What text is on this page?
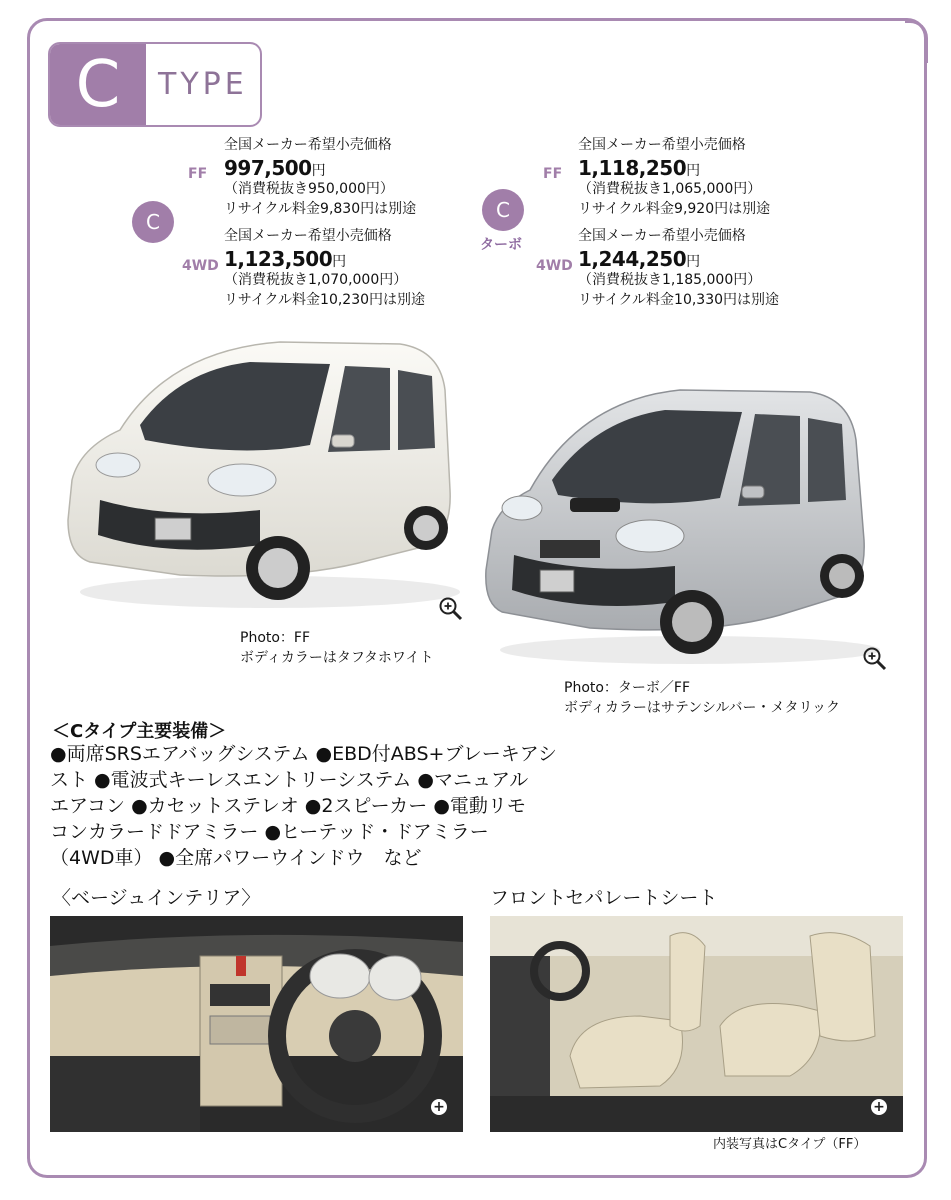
C	TYPE
C
FF
全国メーカー希望小売価格
997,500円
（消費税抜き950,000円）
リサイクル料金9,830円は別途
4WD
全国メーカー希望小売価格
1,123,500円
（消費税抜き1,070,000円）
リサイクル料金10,230円は別途
C
ターボ
FF
全国メーカー希望小売価格
1,118,250円
（消費税抜き1,065,000円）
リサイクル料金9,920円は別途
4WD
全国メーカー希望小売価格
1,244,250円
（消費税抜き1,185,000円）
リサイクル料金10,330円は別途
Photo：FF
ボディカラーはタフタホワイト
Photo：ターボ／FF
ボディカラーはサテンシルバー・メタリック
＜Cタイプ主要装備＞
●両席SRSエアバッグシステム ●EBD付ABS+ブレーキアシ
スト ●電波式キーレスエントリーシステム ●マニュアル
エアコン ●カセットステレオ ●2スピーカー ●電動リモ
コンカラードドアミラー ●ヒーテッド・ドアミラー
（4WD車） ●全席パワーウインドウ　など
〈ベージュインテリア〉	フロントセパレートシート
+	+
内装写真はCタイプ（FF）
